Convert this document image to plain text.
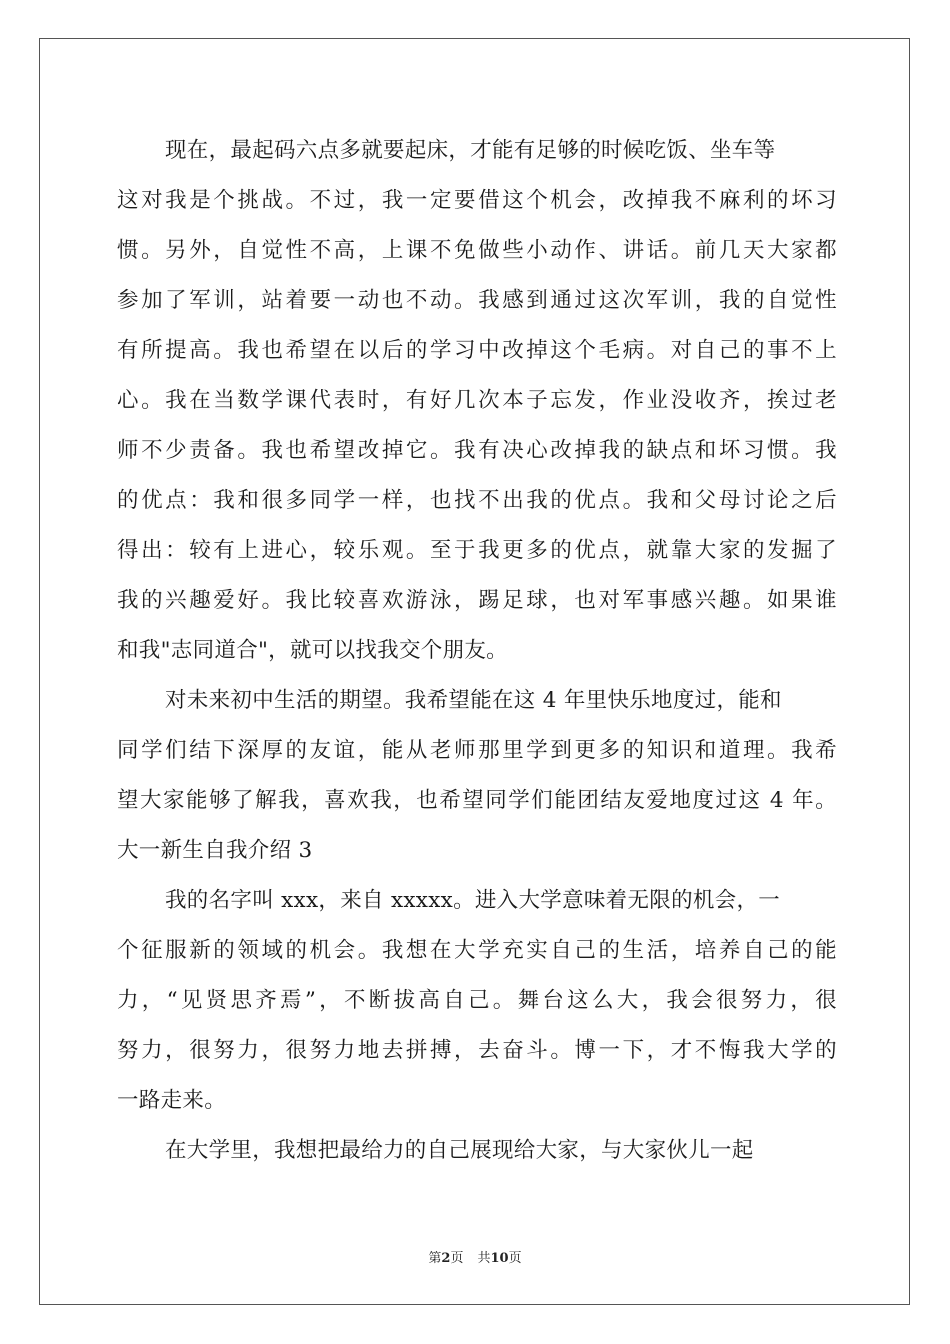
现在，最起码六点多就要起床，才能有足够的时候吃饭、坐车等
这对我是个挑战。不过，我一定要借这个机会，改掉我不麻利的坏习
惯。另外，自觉性不高，上课不免做些小动作、讲话。前几天大家都
参加了军训，站着要一动也不动。我感到通过这次军训，我的自觉性
有所提高。我也希望在以后的学习中改掉这个毛病。对自己的事不上
心。我在当数学课代表时，有好几次本子忘发，作业没收齐，挨过老
师不少责备。我也希望改掉它。我有决心改掉我的缺点和坏习惯。我
的优点：我和很多同学一样，也找不出我的优点。我和父母讨论之后
得出：较有上进心，较乐观。至于我更多的优点，就靠大家的发掘了
我的兴趣爱好。我比较喜欢游泳，踢足球，也对军事感兴趣。如果谁
和我"志同道合"，就可以找我交个朋友。
对未来初中生活的期望。我希望能在这 4 年里快乐地度过，能和
同学们结下深厚的友谊，能从老师那里学到更多的知识和道理。我希
望大家能够了解我，喜欢我，也希望同学们能团结友爱地度过这 4 年。
大一新生自我介绍 3
我的名字叫 xxx，来自 xxxxx。进入大学意味着无限的机会，一
个征服新的领域的机会。我想在大学充实自己的生活，培养自己的能
力，“见贤思齐焉”，不断拔高自己。舞台这么大，我会很努力，很
努力，很努力，很努力地去拼搏，去奋斗。博一下，才不悔我大学的
一路走来。
在大学里，我想把最给力的自己展现给大家，与大家伙儿一起
第2页 共10页
